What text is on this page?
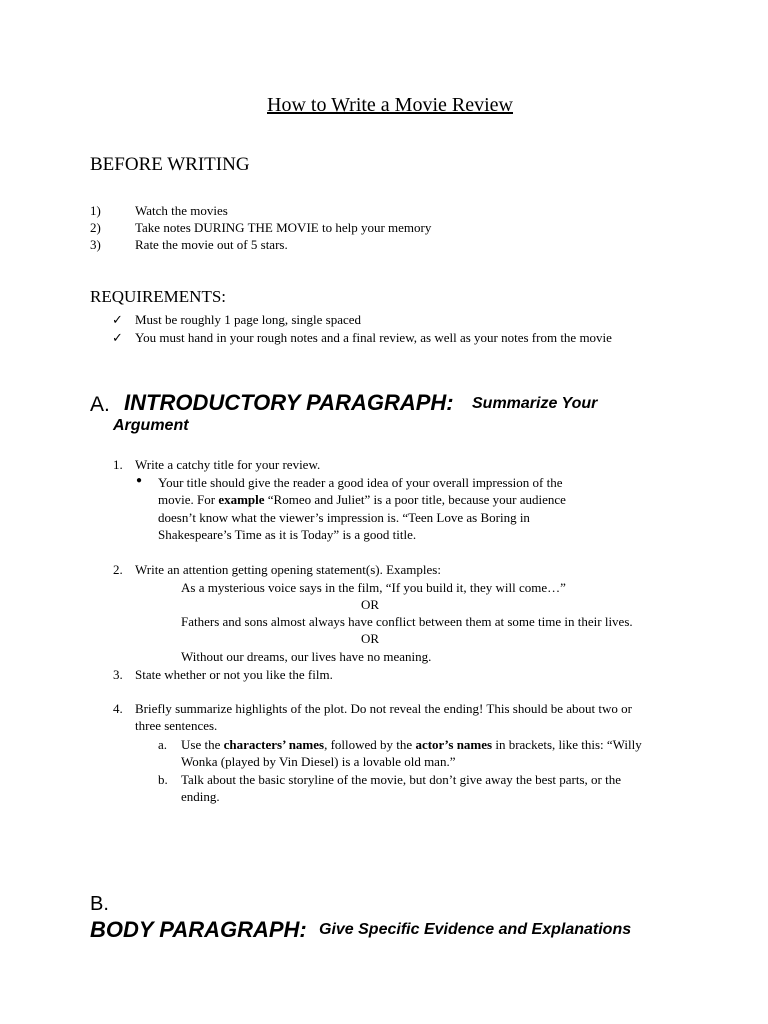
How to Write a Movie Review
BEFORE WRITING
1)	Watch the movies
2)	Take notes DURING THE MOVIE to help your memory
3)	Rate the movie out of 5 stars.
REQUIREMENTS:
✓ Must be roughly 1 page long, single spaced
✓ You must hand in your rough notes and a final review, as well as your notes from the movie
A. INTRODUCTORY PARAGRAPH: Summarize Your
Argument
1. Write a catchy title for your review.
● Your title should give the reader a good idea of your overall impression of the
movie. For example “Romeo and Juliet” is a poor title, because your audience
doesn’t know what the viewer’s impression is. “Teen Love as Boring in
Shakespeare’s Time as it is Today” is a good title.
2. Write an attention getting opening statement(s). Examples:
As a mysterious voice says in the film, “If you build it, they will come…”
OR
Fathers and sons almost always have conflict between them at some time in their lives.
OR
Without our dreams, our lives have no meaning.
3. State whether or not you like the film.
4. Briefly summarize highlights of the plot. Do not reveal the ending! This should be about two or
three sentences.
a. Use the characters’ names, followed by the actor’s names in brackets, like this: “Willy
Wonka (played by Vin Diesel) is a lovable old man.”
b. Talk about the basic storyline of the movie, but don’t give away the best parts, or the
ending.
B.
BODY PARAGRAPH: Give Specific Evidence and Explanations
